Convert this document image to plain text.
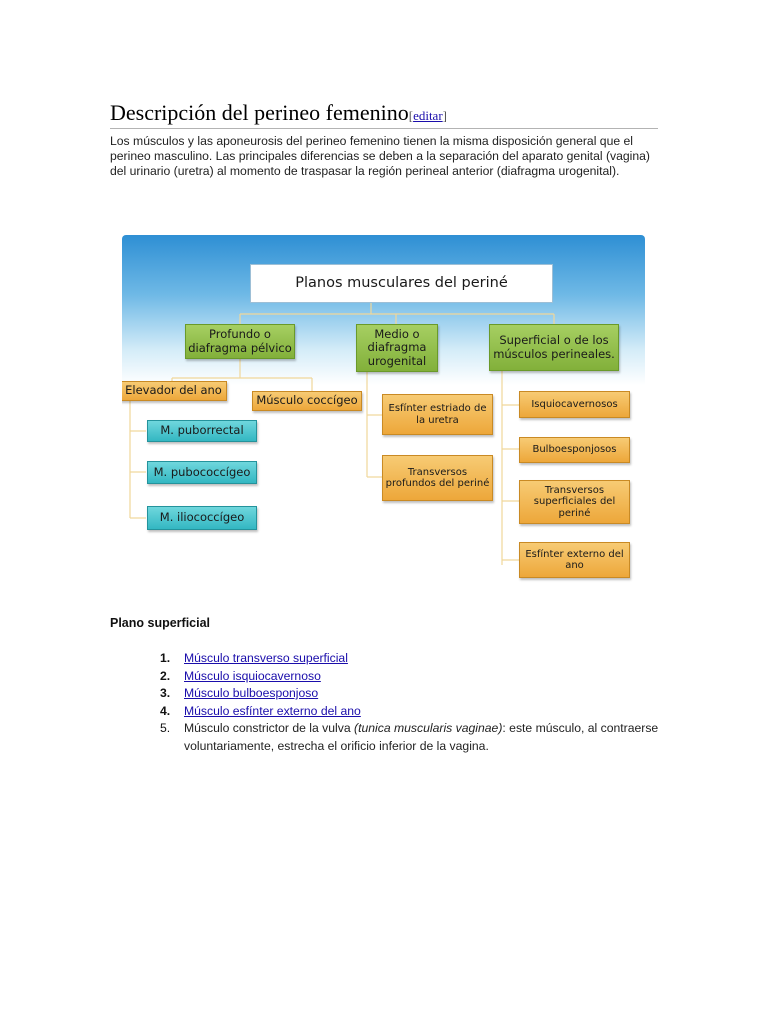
Descripción del perineo femenino[editar]

Los músculos y las aponeurosis del perineo femenino tienen la misma disposición general que el perineo masculino. Las principales diferencias se deben a la separación del aparato genital (vagina) del urinario (uretra) al momento de traspasar la región perineal anterior (diafragma urogenital).

Planos musculares del periné
Profundo o diafragma pélvico
Medio o diafragma urogenital
Superficial o de los músculos perineales.
Elevador del ano
Músculo coccígeo
M. puborrectal
M. pubococcígeo
M. iliococcígeo
Esfínter estriado de la uretra
Transversos profundos del periné
Isquiocavernosos
Bulboesponjosos
Transversos superficiales del periné
Esfínter externo del ano
Plano superficial
1. Músculo transverso superficial
2. Músculo isquiocavernoso
3. Músculo bulboesponjoso
4. Músculo esfínter externo del ano
5. Músculo constrictor de la vulva (tunica muscularis vaginae): este músculo, al contraerse voluntariamente, estrecha el orificio inferior de la vagina.
